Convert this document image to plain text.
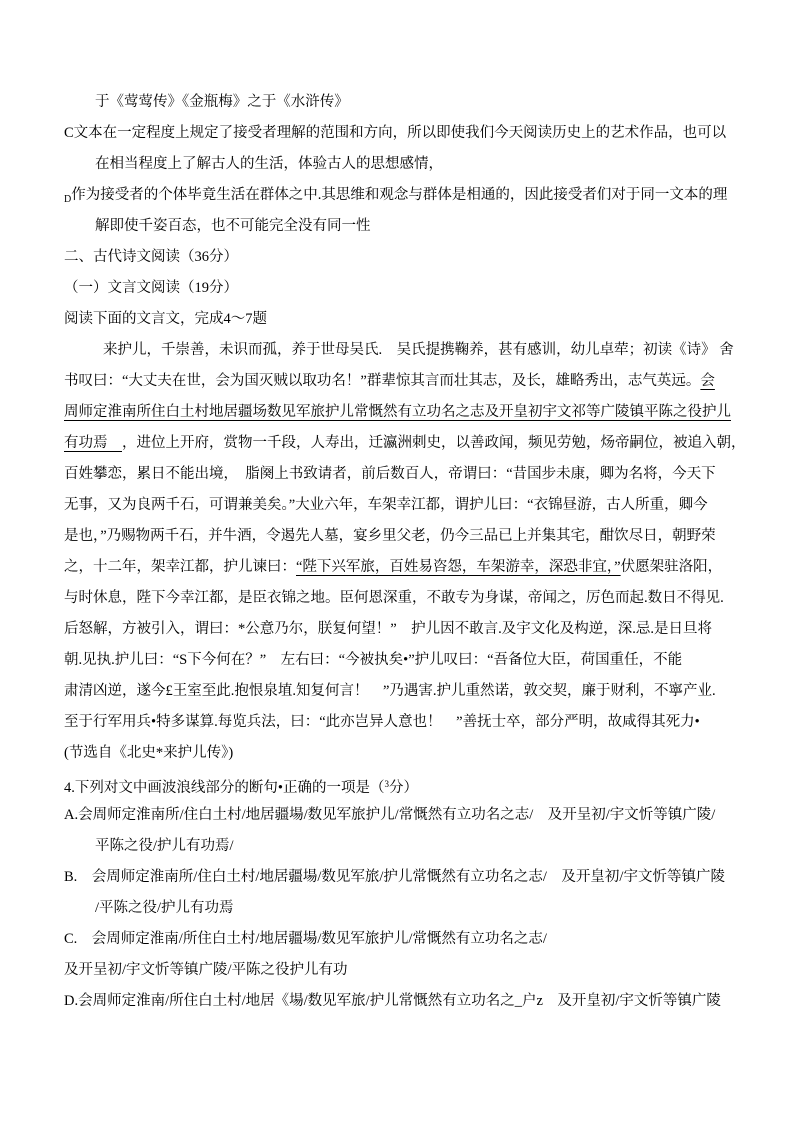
于《莺莺传》《金瓶梅》之于《水浒传》
C文本在一定程度上规定了接受者理解的范围和方向，所以即使我们今天阅读历史上的艺术作品，也可以
在相当程度上了解古人的生活，体验古人的思想感情，
$_D$作为接受者的个体毕竟生活在群体之中.其思维和观念与群体是相通的，因此接受者们对于同一文本的理
解即使千姿百态，也不可能完全没有同一性
二、古代诗文阅读（36分）
（一）文言文阅读（19分）
阅读下面的文言文，完成4～7题
来护儿，千崇善，未识而孤，养于世母吴氏.　吴氏提携鞠养，甚有感训，幼儿卓荦；初读《诗》 舍
书叹曰：“大丈夫在世，会为国灭贼以取功名！”群辈惊其言而壮其志，及长，雄略秀出，志气英远。会
周师定淮南所住白土村地居疆场数见军旅护儿常慨然有立功名之志及开皇初宇文祁等广陵镇平陈之役护儿
有功焉　，进位上开府，赏物一千段，人寿出，迁瀛洲刺史，以善政闻，频见劳勉，炀帝嗣位，被追入朝，
百姓攀恋，累日不能出境，　脂阕上书致请者，前后数百人，帝谓曰：“昔国步未康，卿为名将，今天下
无事，又为良两千石，可谓兼美矣。”大业六年，车架幸江都，谓护儿曰：“衣锦昼游，古人所重，卿今
是也，”乃赐物两千石，并牛酒，令遏先人墓，宴乡里父老，仍今三品已上并集其宅，酣饮尽日，朝野荣
之，十二年，架幸江都，护儿谏曰：“陛下兴军旅，百姓易咨怨，车架游幸，深恐非宜，”伏愿架驻洛阳，
与时休息，陛下今幸江都，是臣衣锦之地。臣何恩深重，不敢专为身谋，帝闻之，厉色而起.数日不得见.
后怒解，方被引入，谓曰：*公意乃尔，朕复何望！”　护儿因不敢言.及宇文化及构逆，深.忌.是日旦将
朝.见执.护儿曰：“S下今何在？”　左右曰：“今被执矣•”护儿叹曰：“吾备位大臣，荷国重任，不能
肃清凶逆，遂今£王室至此.抱恨泉埴.知复何言！　”乃遇害.护儿重然诺，敦交契，廉于财利，不寧产业.
至于行军用兵•特多谋算.每览兵法，曰：“此亦岂异人意也！　”善抚士卒，部分严明，故咸得其死力•
(节选自《北史*来护儿传》)
4.下列对文中画波浪线部分的断句•正确的一项是（$^3$分）
A.会周师定淮南所/住白土村/地居疆場/数见军旅护儿/常慨然有立功名之志/　及开呈初/宇文忻等镇广陵/
平陈之役/护儿有功焉/
B.　会周师定淮南所/住白土村/地居疆場/数见军旅/护儿常慨然有立功名之志/　及开皇初/宇文忻等镇广陵
/平陈之役/护儿有功焉
C.　会周师定淮南/所住白土村/地居疆場/数见军旅护儿/常慨然有立功名之志/
及开呈初/宇文忻等镇广陵/平陈之役护儿有功
D.会周师定淮南/所住白土村/地居《場/数见军旅/护儿常慨然有立功名之_户z　及开皇初/宇文忻等镇广陵
